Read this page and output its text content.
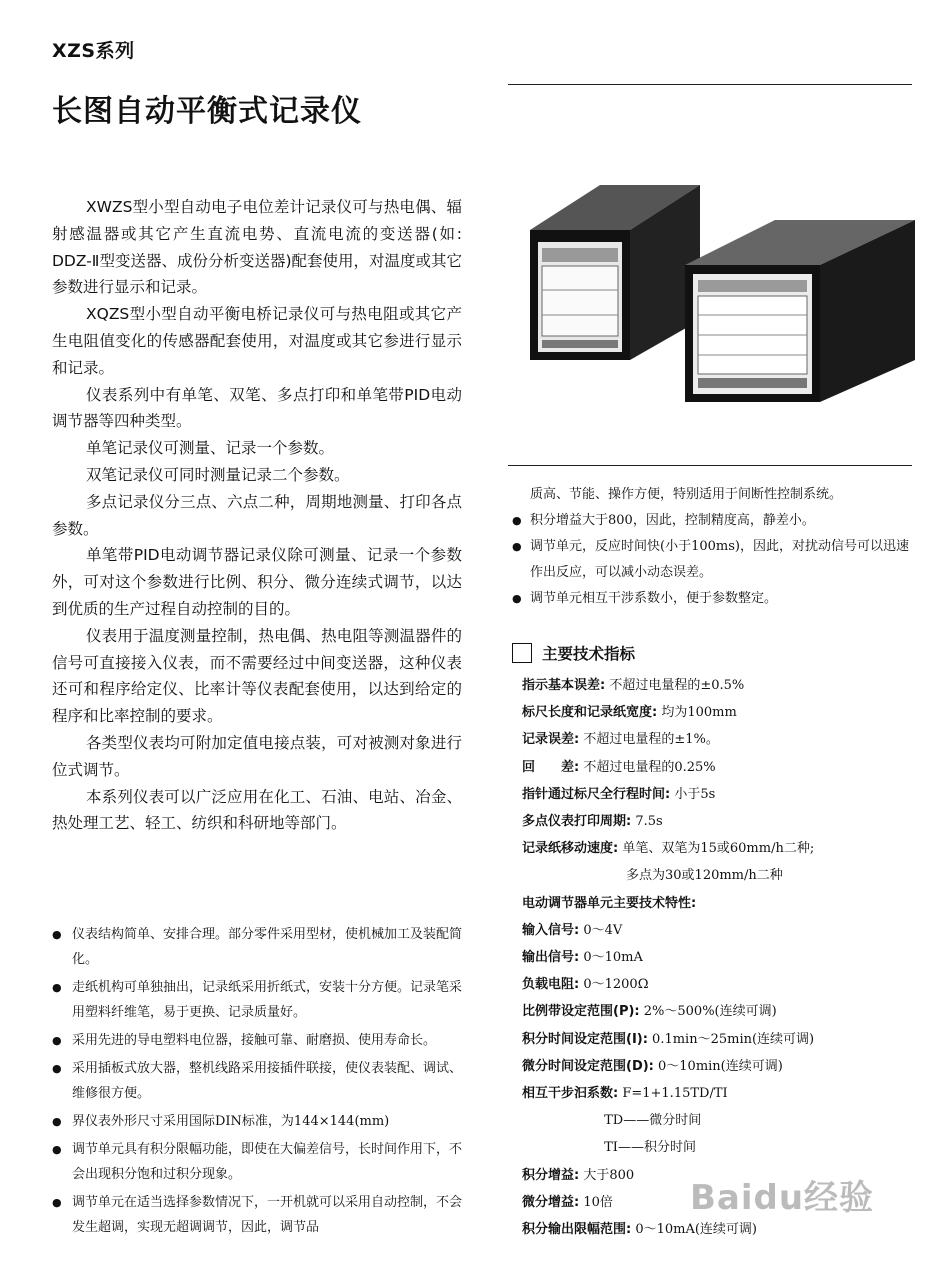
XZS系列
长图自动平衡式记录仪

XWZS型小型自动电子电位差计记录仪可与热电偶、辐射感温器或其它产生直流电势、直流电流的变送器(如: DDZ-Ⅱ型变送器、成份分析变送器)配套使用，对温度或其它参数进行显示和记录。

XQZS型小型自动平衡电桥记录仪可与热电阻或其它产生电阻值变化的传感器配套使用，对温度或其它参进行显示和记录。

仪表系列中有单笔、双笔、多点打印和单笔带PID电动调节器等四种类型。

单笔记录仪可测量、记录一个参数。

双笔记录仪可同时测量记录二个参数。

多点记录仪分三点、六点二种，周期地测量、打印各点参数。

单笔带PID电动调节器记录仪除可测量、记录一个参数外，可对这个参数进行比例、积分、微分连续式调节，以达到优质的生产过程自动控制的目的。

仪表用于温度测量控制，热电偶、热电阻等测温器件的信号可直接接入仪表，而不需要经过中间变送器，这种仪表还可和程序给定仪、比率计等仪表配套使用，以达到给定的程序和比率控制的要求。

各类型仪表均可附加定值电接点装，可对被测对象进行位式调节。

本系列仪表可以广泛应用在化工、石油、电站、冶金、热处理工艺、轻工、纺织和科研地等部门。

● 仪表结构简单、安排合理。部分零件采用型材，使机械加工及装配简化。
● 走纸机构可单独抽出，记录纸采用折纸式，安装十分方便。记录笔采用塑料纤维笔，易于更换、记录质量好。
● 采用先进的导电塑料电位器，接触可靠、耐磨损、使用寿命长。
● 采用插板式放大器，整机线路采用接插件联接，使仪表装配、调试、维修很方便。
● 界仪表外形尺寸采用国际DIN标准，为144×144(mm)
● 调节单元具有积分限幅功能，即使在大偏差信号，长时间作用下，不会出现积分饱和过积分现象。
● 调节单元在适当选择参数情况下，一开机就可以采用自动控制，不会发生超调，实现无超调调节，因此，调节品
质高、节能、操作方便，特别适用于间断性控制系统。
● 积分增益大于800，因此，控制精度高，静差小。
● 调节单元，反应时间快(小于100ms)，因此，对扰动信号可以迅速作出反应，可以减小动态误差。
● 调节单元相互干涉系数小，便于参数整定。
主要技术指标
指示基本误差: 不超过电量程的±0.5%
标尺长度和记录纸宽度: 均为100mm
记录误差: 不超过电量程的±1%。
回　　差: 不超过电量程的0.25%
指针通过标尺全行程时间: 小于5s
多点仪表打印周期: 7.5s
记录纸移动速度: 单笔、双笔为15或60mm/h二种;
　　　　　　　　多点为30或120mm/h二种
电动调节器单元主要技术特性:
输入信号: 0～4V
输出信号: 0～10mA
负载电阻: 0～1200Ω
比例带设定范围(P): 2%～500%(连续可调)
积分时间设定范围(I): 0.1min～25min(连续可调)
微分时间设定范围(D): 0～10min(连续可调)
相互干步汩系数: F=1+1.15TD/TI
　　　　　　 TD——微分时间
　　　　　　 TI——积分时间
积分增益: 大于800
微分增益: 10倍
积分输出限幅范围: 0～10mA(连续可调)
Baidu经验
